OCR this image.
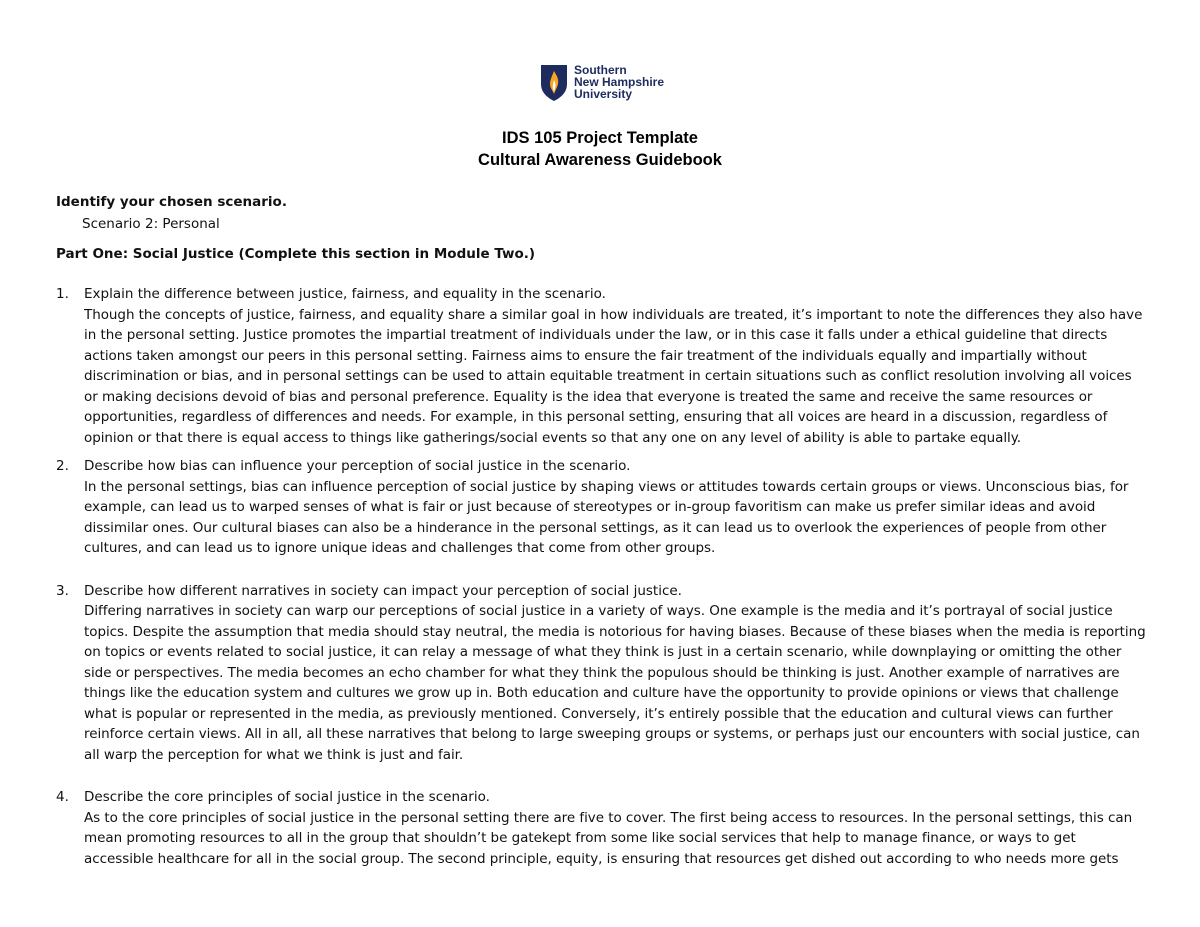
Southern
New Hampshire
University
IDS 105 Project Template
Cultural Awareness Guidebook

Identify your chosen scenario.

Scenario 2: Personal

Part One: Social Justice (Complete this section in Module Two.)

1. Explain the difference between justice, fairness, and equality in the scenario.

Though the concepts of justice, fairness, and equality share a similar goal in how individuals are treated, it’s important to note the differences they also have in the personal setting. Justice promotes the impartial treatment of individuals under the law, or in this case it falls under a ethical guideline that directs actions taken amongst our peers in this personal setting. Fairness aims to ensure the fair treatment of the individuals equally and impartially without discrimination or bias, and in personal settings can be used to attain equitable treatment in certain situations such as conflict resolution involving all voices or making decisions devoid of bias and personal preference. Equality is the idea that everyone is treated the same and receive the same resources or opportunities, regardless of differences and needs. For example, in this personal setting, ensuring that all voices are heard in a discussion, regardless of opinion or that there is equal access to things like gatherings/social events so that any one on any level of ability is able to partake equally.

2. Describe how bias can influence your perception of social justice in the scenario.

In the personal settings, bias can influence perception of social justice by shaping views or attitudes towards certain groups or views. Unconscious bias, for example, can lead us to warped senses of what is fair or just because of stereotypes or in-group favoritism can make us prefer similar ideas and avoid dissimilar ones. Our cultural biases can also be a hinderance in the personal settings, as it can lead us to overlook the experiences of people from other cultures, and can lead us to ignore unique ideas and challenges that come from other groups.

3. Describe how different narratives in society can impact your perception of social justice.

Differing narratives in society can warp our perceptions of social justice in a variety of ways. One example is the media and it’s portrayal of social justice topics. Despite the assumption that media should stay neutral, the media is notorious for having biases. Because of these biases when the media is reporting on topics or events related to social justice, it can relay a message of what they think is just in a certain scenario, while downplaying or omitting the other side or perspectives. The media becomes an echo chamber for what they think the populous should be thinking is just. Another example of narratives are things like the education system and cultures we grow up in. Both education and culture have the opportunity to provide opinions or views that challenge what is popular or represented in the media, as previously mentioned. Conversely, it’s entirely possible that the education and cultural views can further reinforce certain views. All in all, all these narratives that belong to large sweeping groups or systems, or perhaps just our encounters with social justice, can all warp the perception for what we think is just and fair.

4. Describe the core principles of social justice in the scenario.

As to the core principles of social justice in the personal setting there are five to cover. The first being access to resources. In the personal settings, this can mean promoting resources to all in the group that shouldn’t be gatekept from some like social services that help to manage finance, or ways to get accessible healthcare for all in the social group. The second principle, equity, is ensuring that resources get dished out according to who needs more gets
